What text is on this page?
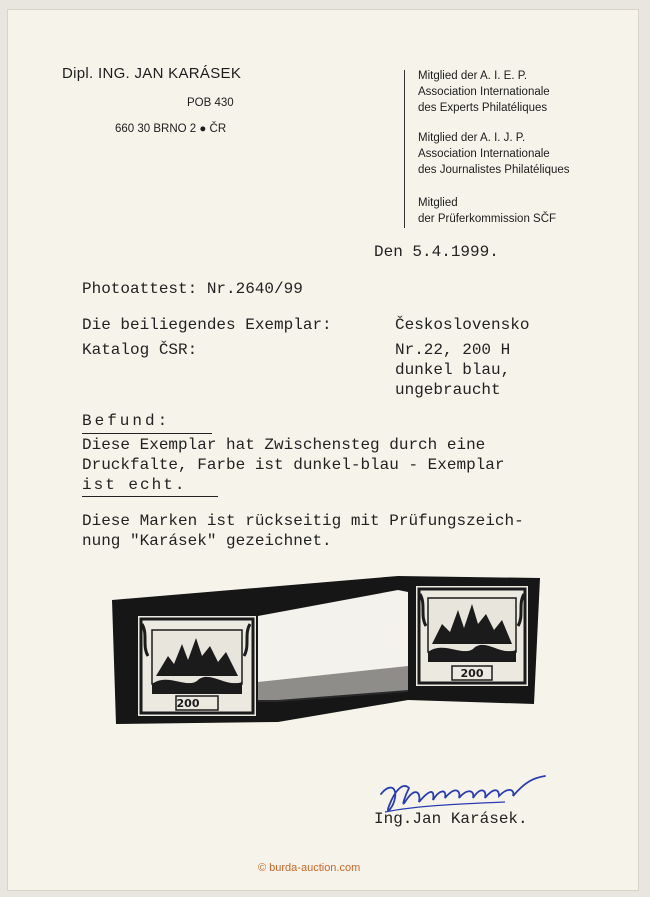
Dipl. ING. JAN KARÁSEK
POB 430
660 30 BRNO 2 ● ČR
Mitglied der A. I. E. P.
Association Internationale
des Experts Philatéliques
Mitglied der A. I. J. P.
Association Internationale
des Journalistes Philatéliques
Mitglied
der Prüferkommission SČF
Den 5.4.1999.
Photoattest: Nr.2640/99
Die beiliegendes Exemplar:	Československo
Katalog ČSR:	Nr.22, 200 H
dunkel blau,
ungebraucht
Befund:
Diese Exemplar hat Zwischensteg durch eine
Druckfalte, Farbe ist dunkel-blau - Exemplar
ist echt.
Diese Marken ist rückseitig mit Prüfungszeich-
nung "Karásek" gezeichnet.
200
200
Ing.Jan Karásek.
© burda-auction.com
